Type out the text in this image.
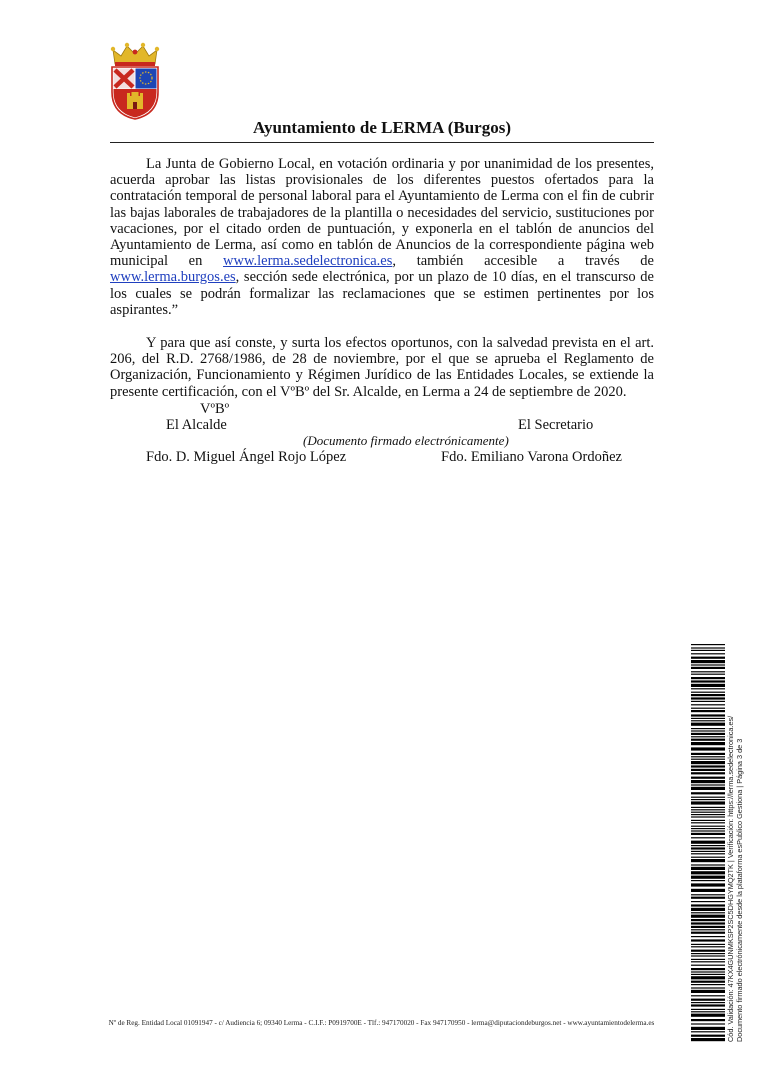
Ayuntamiento de LERMA (Burgos)

La Junta de Gobierno Local, en votación ordinaria y por unanimidad de los presentes, acuerda aprobar las listas provisionales de los diferentes puestos ofertados para la contratación temporal de personal laboral para el Ayuntamiento de Lerma con el fin de cubrir las bajas laborales de trabajadores de la plantilla o necesidades del servicio, sustituciones por vacaciones, por el citado orden de puntuación, y exponerla en el tablón de anuncios del Ayuntamiento de Lerma, así como en tablón de Anuncios de la correspondiente página web municipal en www.lerma.sedelectronica.es, también accesible a través de www.lerma.burgos.es, sección sede electrónica, por un plazo de 10 días, en el transcurso de los cuales se podrán formalizar las reclamaciones que se estimen pertinentes por los aspirantes.”

Y para que así conste, y surta los efectos oportunos, con la salvedad prevista en el art. 206, del R.D. 2768/1986, de 28 de noviembre, por el que se aprueba el Reglamento de Organización, Funcionamiento y Régimen Jurídico de las Entidades Locales, se extiende la presente certificación, con el VºBº del Sr. Alcalde, en Lerma a 24 de septiembre de 2020.

VºBº
El Alcalde	El Secretario
(Documento firmado electrónicamente)
Fdo. D. Miguel Ángel Rojo López	Fdo. Emiliano Varona Ordoñez
Cód. Validación: 47KX4GUNMKSP2SC5DHGYMQ2TK | Verificación: https://lerma.sedelectronica.es/ Documento firmado electrónicamente desde la plataforma esPublico Gestiona | Página 3 de 3
Nº de Reg. Entidad Local 01091947 - c/ Audiencia 6; 09340 Lerma - C.I.F.: P0919700E - Tlf.: 947170020 - Fax 947170950 - lerma@diputaciondeburgos.net - www.ayuntamientodelerma.es
